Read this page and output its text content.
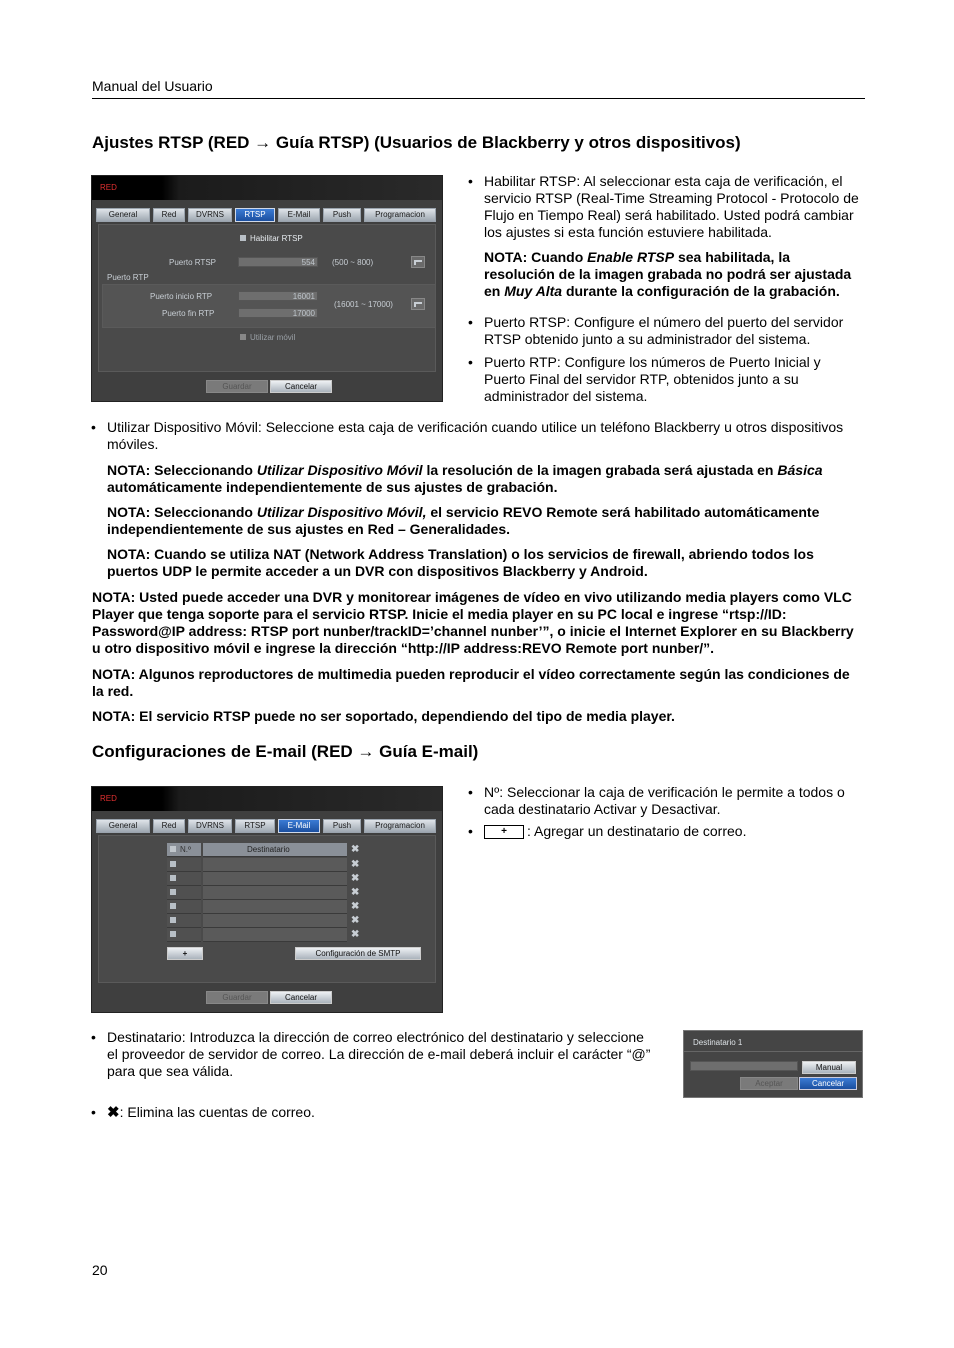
Manual del Usuario
Ajustes RTSP (RED → Guía RTSP) (Usuarios de Blackberry y otros dispositivos)
RED
General	Red	DVRNS	RTSP	E-Mail	Push	Programacion
Habilitar RTSP
Puerto RTSP	554	(500 ~ 800)
Puerto RTP
Puerto inicio RTP	16001
Puerto fin RTP	17000
(16001 ~ 17000)
Utilizar móvil
Guardar	Cancelar
• Habilitar RTSP: Al seleccionar esta caja de verificación, el servicio RTSP (Real-Time Streaming Protocol - Protocolo de Flujo en Tiempo Real) será habilitado. Usted podrá cambiar los ajustes si esta función estuviere habilitada.
NOTA: Cuando Enable RTSP sea habilitada, la resolución de la imagen grabada no podrá ser ajustada en Muy Alta durante la configuración de la grabación.
• Puerto RTSP: Configure el número del puerto del servidor RTSP obtenido junto a su administrador del sistema.
• Puerto RTP: Configure los números de Puerto Inicial y Puerto Final del servidor RTP, obtenidos junto a su administrador del sistema.
• Utilizar Dispositivo Móvil: Seleccione esta caja de verificación cuando utilice un teléfono Blackberry u otros dispositivos móviles.
NOTA: Seleccionando Utilizar Dispositivo Móvil la resolución de la imagen grabada será ajustada en Básica automáticamente independientemente de sus ajustes de grabación.
NOTA: Seleccionando Utilizar Dispositivo Móvil, el servicio REVO Remote será habilitado automáticamente independientemente de sus ajustes en Red – Generalidades.
NOTA: Cuando se utiliza NAT (Network Address Translation) o los servicios de firewall, abriendo todos los puertos UDP le permite acceder a un DVR con dispositivos Blackberry y Android.
NOTA: Usted puede acceder una DVR y monitorear imágenes de vídeo en vivo utilizando media players como VLC Player que tenga soporte para el servicio RTSP. Inicie el media player en su PC local e ingrese “rtsp://ID: Password@IP address: RTSP port nunber/trackID=’channel nunber’”, o inicie el Internet Explorer en su Blackberry u otro dispositivo móvil e ingrese la dirección “http://IP address:REVO Remote port nunber/”.
NOTA: Algunos reproductores de multimedia pueden reproducir el vídeo correctamente según las condiciones de la red.
NOTA: El servicio RTSP puede no ser soportado, dependiendo del tipo de media player.
Configuraciones de E-mail (RED → Guía E-mail)
RED
General	Red	DVRNS	RTSP	E-Mail	Push	Programacion
N.º	Destinatario	✖
✖
✖
✖
✖
✖
✖
+	Configuración de SMTP
Guardar	Cancelar
• Nº: Seleccionar la caja de verificación le permite a todos o cada destinatario Activar y Desactivar.
•	+ : Agregar un destinatario de correo.
• Destinatario: Introduzca la dirección de correo electrónico del destinatario y seleccione el proveedor de servidor de correo. La dirección de e-mail deberá incluir el carácter “@” para que sea válida.
Destinatario 1
Manual
Aceptar	Cancelar
• ✖: Elimina las cuentas de correo.
20
